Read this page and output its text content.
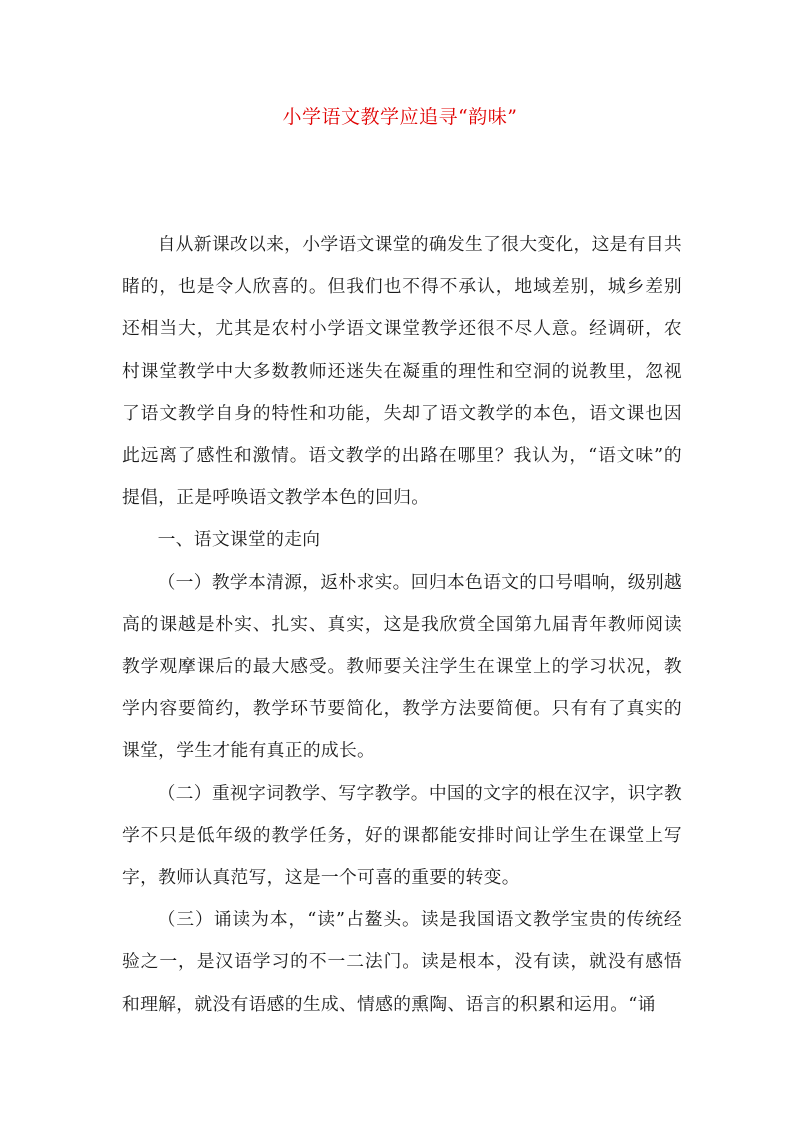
小学语文教学应追寻“韵味”

自从新课改以来，小学语文课堂的确发生了很大变化，这是有目共睹的，也是令人欣喜的。但我们也不得不承认，地域差别，城乡差别还相当大，尤其是农村小学语文课堂教学还很不尽人意。经调研，农村课堂教学中大多数教师还迷失在凝重的理性和空洞的说教里，忽视了语文教学自身的特性和功能，失却了语文教学的本色，语文课也因此远离了感性和激情。语文教学的出路在哪里？我认为，“语文味”的提倡，正是呼唤语文教学本色的回归。

一、语文课堂的走向

（一）教学本清源，返朴求实。回归本色语文的口号唱响，级别越高的课越是朴实、扎实、真实，这是我欣赏全国第九届青年教师阅读教学观摩课后的最大感受。教师要关注学生在课堂上的学习状况，教学内容要简约，教学环节要简化，教学方法要简便。只有有了真实的课堂，学生才能有真正的成长。

（二）重视字词教学、写字教学。中国的文字的根在汉字，识字教学不只是低年级的教学任务，好的课都能安排时间让学生在课堂上写字，教师认真范写，这是一个可喜的重要的转变。

（三）诵读为本，“读”占鳌头。读是我国语文教学宝贵的传统经验之一，是汉语学习的不一二法门。读是根本，没有读，就没有感悟和理解，就没有语感的生成、情感的熏陶、语言的积累和运用。“诵
